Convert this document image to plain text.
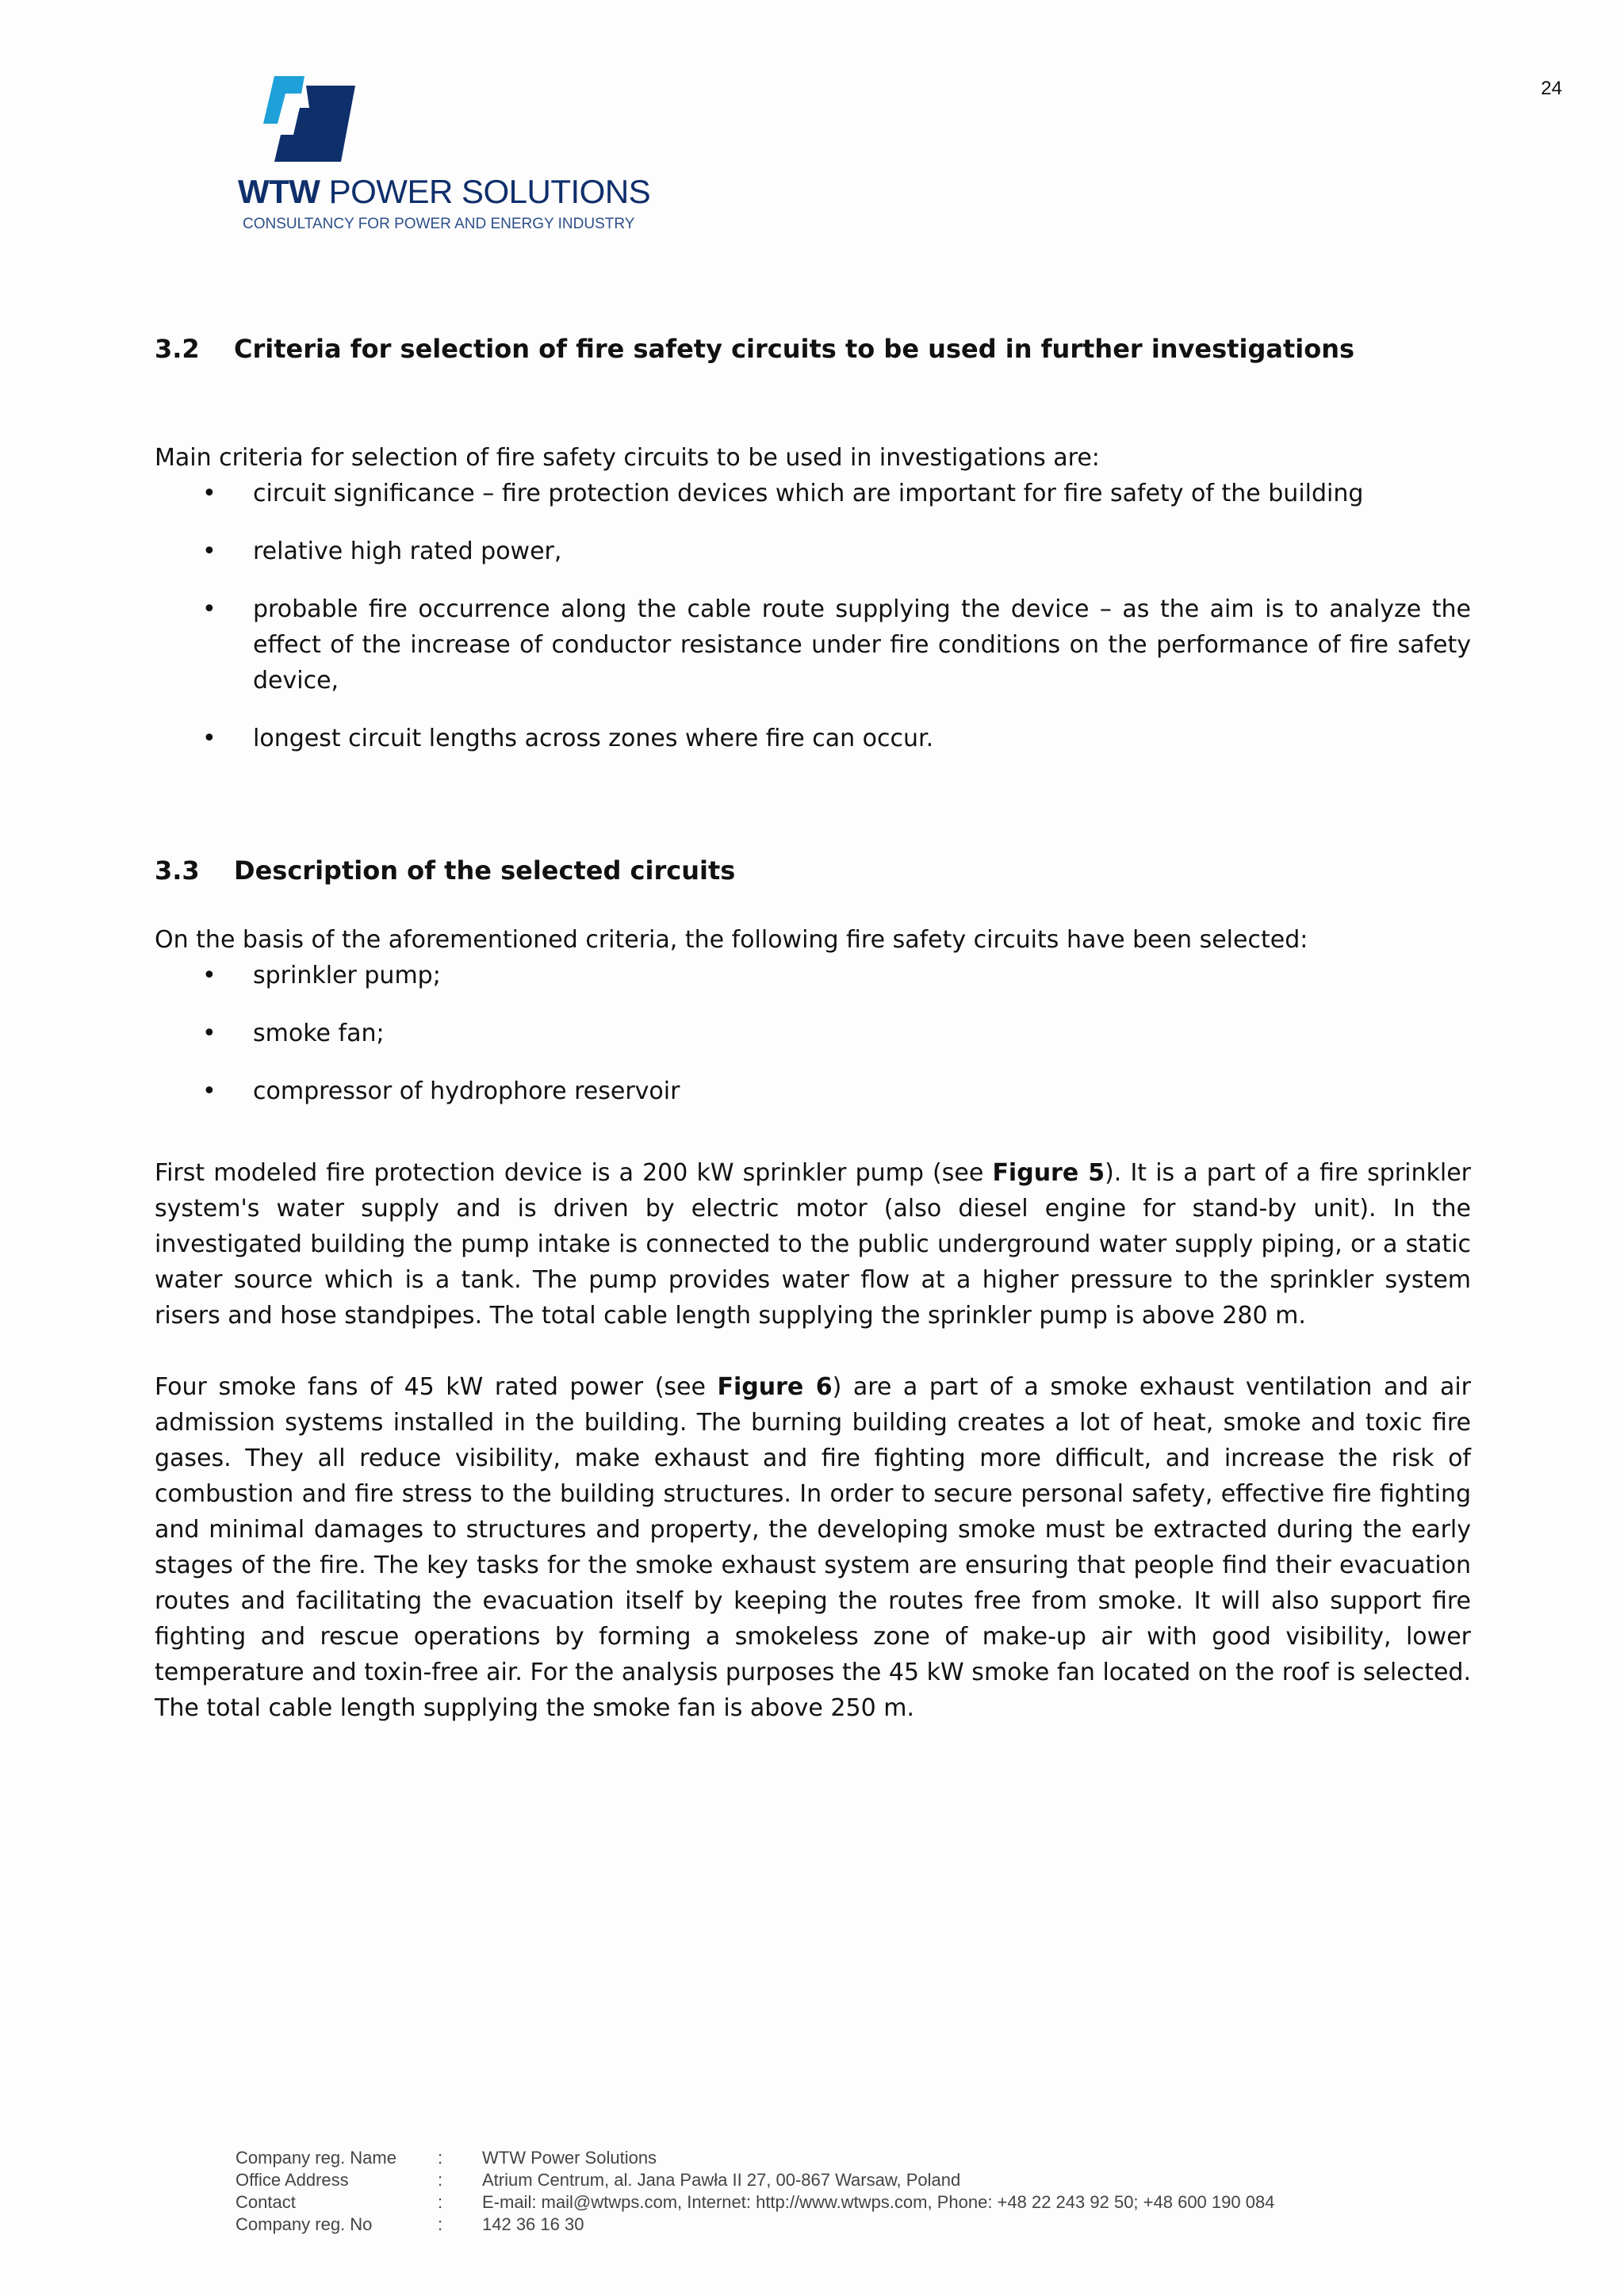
24
WTW POWER SOLUTIONS
CONSULTANCY FOR POWER AND ENERGY INDUSTRY
3.2	Criteria for selection of fire safety circuits to be used in further investigations

Main criteria for selection of fire safety circuits to be used in investigations are:

• circuit significance – fire protection devices which are important for fire safety of the building
• relative high rated power,
• probable fire occurrence along the cable route supplying the device – as the aim is to analyze the effect of the increase of conductor resistance under fire conditions on the performance of fire safety device,
• longest circuit lengths across zones where fire can occur.
3.3	Description of the selected circuits

On the basis of the aforementioned criteria, the following fire safety circuits have been selected:

• sprinkler pump;
• smoke fan;
• compressor of hydrophore reservoir

First modeled fire protection device is a 200 kW sprinkler pump (see Figure 5). It is a part of a fire sprinkler system's water supply and is driven by electric motor (also diesel engine for stand-by unit). In the investigated building the pump intake is connected to the public underground water supply piping, or a static water source which is a tank. The pump provides water flow at a higher pressure to the sprinkler system risers and hose standpipes. The total cable length supplying the sprinkler pump is above 280 m.

Four smoke fans of 45 kW rated power (see Figure 6) are a part of a smoke exhaust ventilation and air admission systems installed in the building. The burning building creates a lot of heat, smoke and toxic fire gases. They all reduce visibility, make exhaust and fire fighting more difficult, and increase the risk of combustion and fire stress to the building structures. In order to secure personal safety, effective fire fighting and minimal damages to structures and property, the developing smoke must be extracted during the early stages of the fire. The key tasks for the smoke exhaust system are ensuring that people find their evacuation routes and facilitating the evacuation itself by keeping the routes free from smoke. It will also support fire fighting and rescue operations by forming a smokeless zone of make-up air with good visibility, lower temperature and toxin-free air. For the analysis purposes the 45 kW smoke fan located on the roof is selected. The total cable length supplying the smoke fan is above 250 m.

Company reg. Name	:	WTW Power Solutions
Office Address	:	Atrium Centrum, al. Jana Pawła II 27, 00-867 Warsaw, Poland
Contact	:	E-mail: mail@wtwps.com, Internet: http://www.wtwps.com, Phone: +48 22 243 92 50; +48 600 190 084
Company reg. No	:	142 36 16 30
